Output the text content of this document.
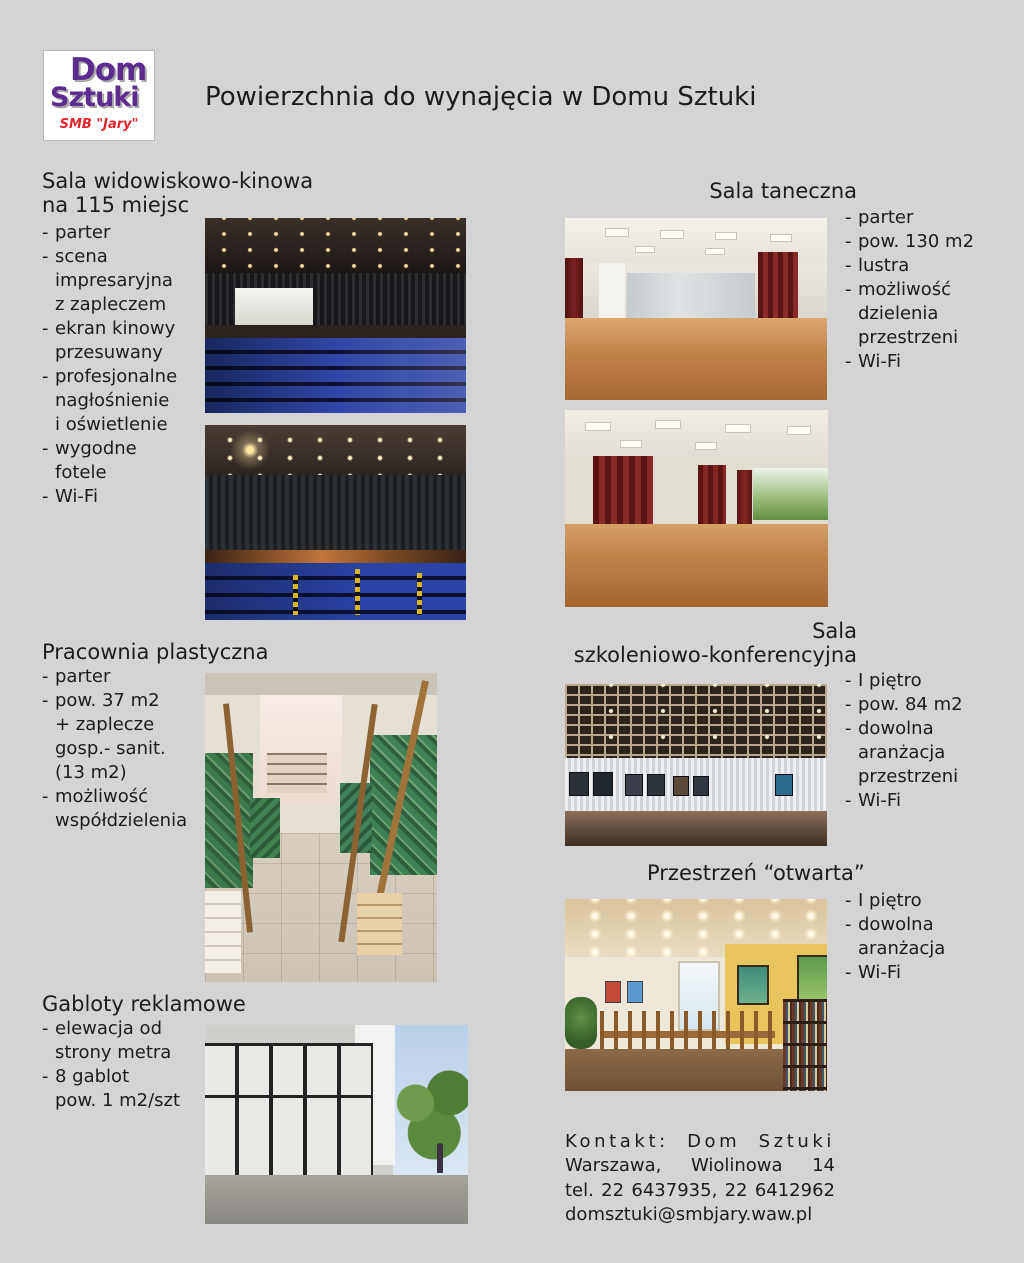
Dom
Sztuki
SMB "Jary"
Powierzchnia do wynajęcia w Domu Sztuki
Sala widowiskowo-kinowa
na 115 miejsc
- parter
- scena
impresaryjna
z zapleczem
- ekran kinowy
przesuwany
- profesjonalne
nagłośnienie
i oświetlenie
- wygodne
fotele
- Wi-Fi
Sala taneczna
- parter
- pow. 130 m2
- lustra
- możliwość
dzielenia
przestrzeni
- Wi-Fi
Pracownia plastyczna
- parter
- pow. 37 m2
+ zaplecze
gosp.- sanit.
(13 m2)
- możliwość
współdzielenia
Sala
szkoleniowo-konferencyjna
- I piętro
- pow. 84 m2
- dowolna
aranżacja
przestrzeni
- Wi-Fi
Przestrzeń “otwarta”
- I piętro
- dowolna
aranżacja
- Wi-Fi
Gabloty reklamowe
- elewacja od
strony metra
- 8 gablot
pow. 1 m2/szt
Kontakt: Dom Sztuki
Warszawa, Wiolinowa 14
tel. 22 6437935, 22 6412962
domsztuki@smbjary.waw.pl
